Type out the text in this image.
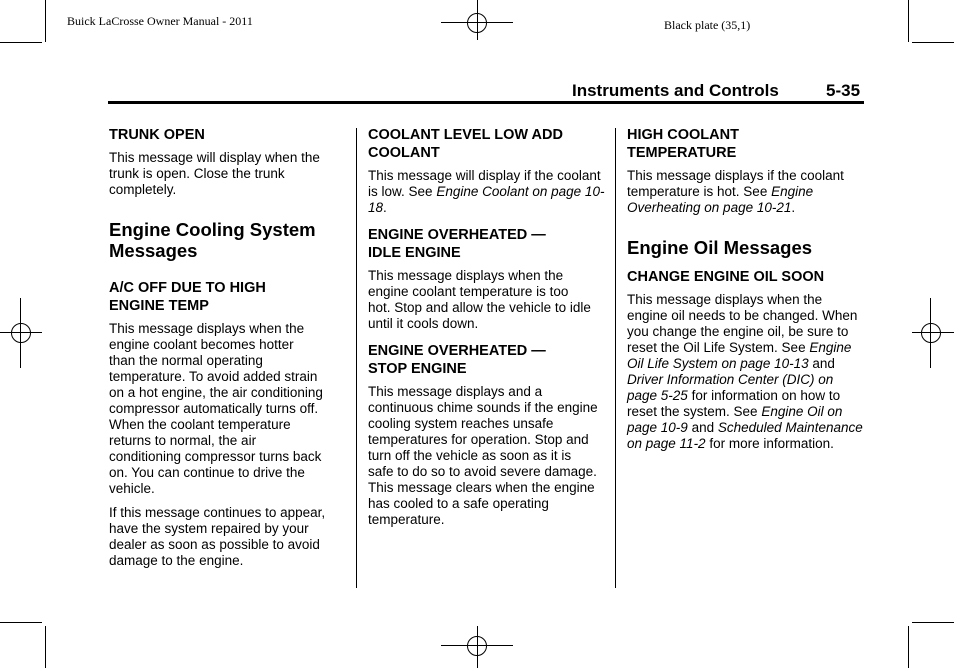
Buick LaCrosse Owner Manual - 2011	Black plate (35,1)
Instruments and Controls	5-35
TRUNK OPEN

This message will display when the trunk is open. Close the trunk completely.

Engine Cooling System Messages
A/C OFF DUE TO HIGH ENGINE TEMP

This message displays when the engine coolant becomes hotter than the normal operating temperature. To avoid added strain on a hot engine, the air conditioning compressor automatically turns off. When the coolant temperature returns to normal, the air conditioning compressor turns back on. You can continue to drive the vehicle.

If this message continues to appear, have the system repaired by your dealer as soon as possible to avoid damage to the engine.

COOLANT LEVEL LOW ADD COOLANT

This message will display if the coolant is low. See Engine Coolant on page 10-18.

ENGINE OVERHEATED — IDLE ENGINE

This message displays when the engine coolant temperature is too hot. Stop and allow the vehicle to idle until it cools down.

ENGINE OVERHEATED — STOP ENGINE

This message displays and a continuous chime sounds if the engine cooling system reaches unsafe temperatures for operation. Stop and turn off the vehicle as soon as it is safe to do so to avoid severe damage. This message clears when the engine has cooled to a safe operating temperature.

HIGH COOLANT TEMPERATURE

This message displays if the coolant temperature is hot. See Engine Overheating on page 10-21.

Engine Oil Messages
CHANGE ENGINE OIL SOON

This message displays when the engine oil needs to be changed. When you change the engine oil, be sure to reset the Oil Life System. See Engine Oil Life System on page 10-13 and Driver Information Center (DIC) on page 5-25 for information on how to reset the system. See Engine Oil on page 10-9 and Scheduled Maintenance on page 11-2 for more information.
